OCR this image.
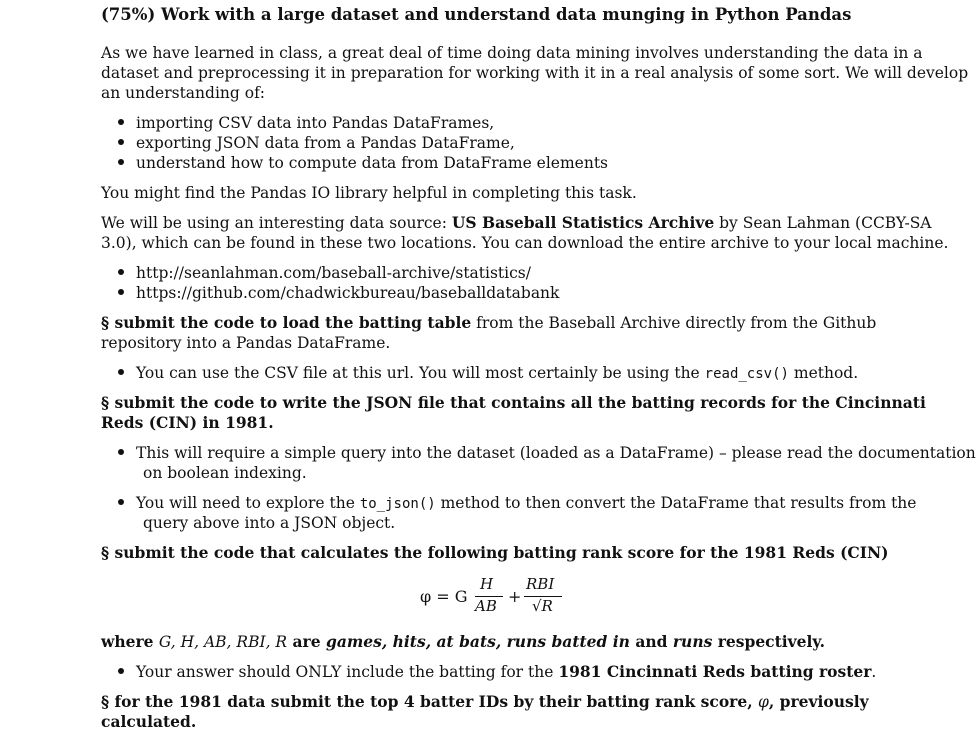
(75%) Work with a large dataset and understand data munging in Python Pandas
As we have learned in class, a great deal of time doing data mining involves understanding the data in a
dataset and preprocessing it in preparation for working with it in a real analysis of some sort. We will develop
an understanding of:
importing CSV data into Pandas DataFrames,
exporting JSON data from a Pandas DataFrame,
understand how to compute data from DataFrame elements
You might find the Pandas IO library helpful in completing this task.
We will be using an interesting data source: US Baseball Statistics Archive by Sean Lahman (CCBY-SA
3.0), which can be found in these two locations. You can download the entire archive to your local machine.
http://seanlahman.com/baseball-archive/statistics/
https://github.com/chadwickbureau/baseballdatabank
§ submit the code to load the batting table from the Baseball Archive directly from the Github
repository into a Pandas DataFrame.
You can use the CSV file at this url. You will most certainly be using the read_csv() method.
§ submit the code to write the JSON file that contains all the batting records for the Cincinnati
Reds (CIN) in 1981.
This will require a simple query into the dataset (loaded as a DataFrame) – please read the documentation
on boolean indexing.
You will need to explore the to_json() method to then convert the DataFrame that results from the
query above into a JSON object.
§ submit the code that calculates the following batting rank score for the 1981 Reds (CIN)
φ = G
H
AB +
RBI
√R
where G, H, AB, RBI, R are games, hits, at bats, runs batted in and runs respectively.
Your answer should ONLY include the batting for the 1981 Cincinnati Reds batting roster.
§ for the 1981 data submit the top 4 batter IDs by their batting rank score, φ, previously
calculated.
